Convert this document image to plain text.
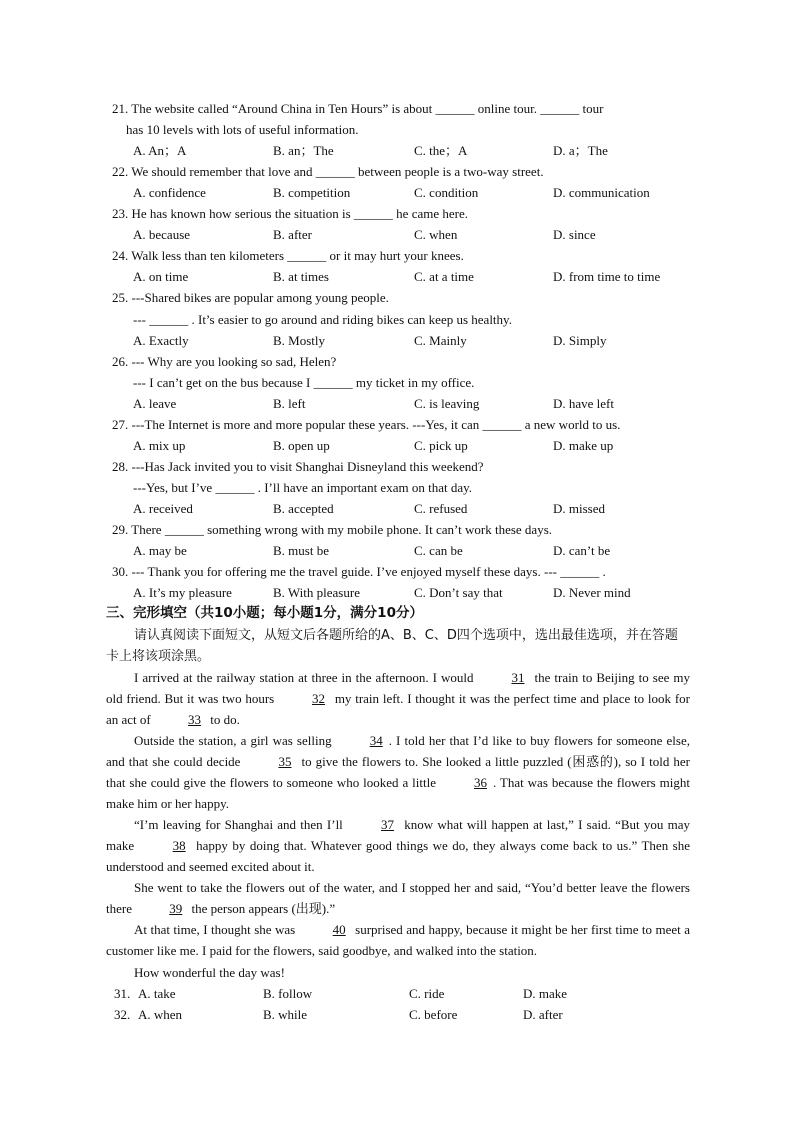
21. The website called “Around China in Ten Hours” is about ______ online tour. ______ tour
has 10 levels with lots of useful information.
A. An；A	B. an；The	C. the；A	D. a；The
22. We should remember that love and ______ between people is a two-way street.
A. confidence	B. competition	C. condition	D. communication
23. He has known how serious the situation is ______ he came here.
A. because	B. after	C. when	D. since
24. Walk less than ten kilometers ______ or it may hurt your knees.
A. on time	B. at times	C. at a time	D. from time to time
25. ---Shared bikes are popular among young people.
--- ______ . It’s easier to go around and riding bikes can keep us healthy.
A. Exactly	B. Mostly	C. Mainly	D. Simply
26. --- Why are you looking so sad, Helen?
--- I can’t get on the bus because I ______ my ticket in my office.
A. leave	B. left	C. is leaving	D. have left
27. ---The Internet is more and more popular these years. ---Yes, it can ______ a new world to us.
A. mix up	B. open up	C. pick up	D. make up
28. ---Has Jack invited you to visit Shanghai Disneyland this weekend?
---Yes, but I’ve ______ . I’ll have an important exam on that day.
A. received	B. accepted	C. refused	D. missed
29. There ______ something wrong with my mobile phone. It can’t work these days.
A. may be	B. must be	C. can be	D. can’t be
30. --- Thank you for offering me the travel guide. I’ve enjoyed myself these days. --- ______ .
A. It’s my pleasure	B. With pleasure	C. Don’t say that	D. Never mind
三、完形填空（共10小题；每小题1分，满分10分）
请认真阅读下面短文，从短文后各题所给的A、B、C、D四个选项中，选出最佳选项，并在答题卡上将该项涂黑。
I arrived at the railway station at three in the afternoon. I would	31 the train to Beijing to see my old friend. But it was two hours	32 my train left. I thought it was the perfect time and place to look for an act of	33 to do.
Outside the station, a girl was selling	34 . I told her that I’d like to buy flowers for someone else, and that she could decide	35 to give the flowers to. She looked a little puzzled (困惑的), so I told her that she could give the flowers to someone who looked a little	36 . That was because the flowers might make him or her happy.
“I’m leaving for Shanghai and then I’ll	37 know what will happen at last,” I said. “But you may make	38 happy by doing that. Whatever good things we do, they always come back to us.” Then she understood and seemed excited about it.
She went to take the flowers out of the water, and I stopped her and said, “You’d better leave the flowers there	39 the person appears (出现).”
At that time, I thought she was	40 surprised and happy, because it might be her first time to meet a customer like me. I paid for the flowers, said goodbye, and walked into the station.
How wonderful the day was!
31. A. take	B. follow	C. ride	D. make
32. A. when	B. while	C. before	D. after
